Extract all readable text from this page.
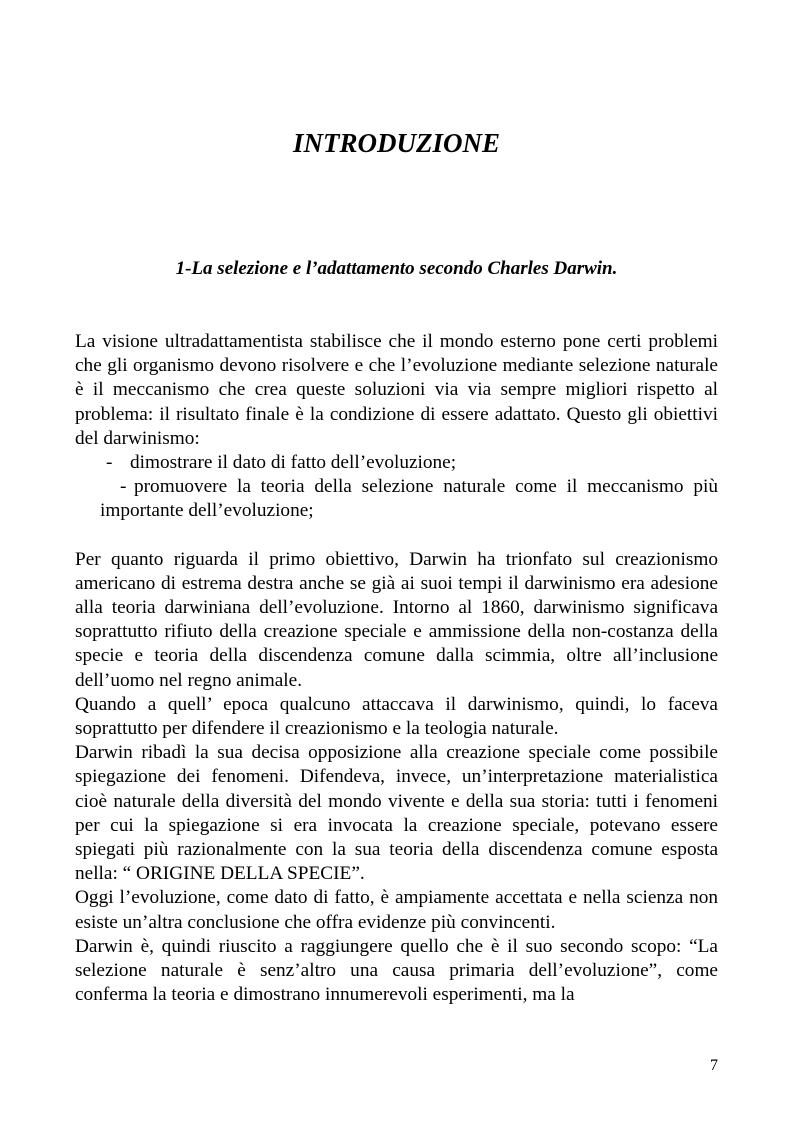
INTRODUZIONE
1-La selezione e l’adattamento secondo Charles Darwin.

La visione ultradattamentista stabilisce che il mondo esterno pone certi problemi che gli organismo devono risolvere e che l’evoluzione mediante selezione naturale è il meccanismo che crea queste soluzioni via via sempre migliori rispetto al problema: il risultato finale è la condizione di essere adattato. Questo gli obiettivi del darwinismo:

- dimostrare il dato di fatto dell’evoluzione;
- promuovere la teoria della selezione naturale come il meccanismo più importante dell’evoluzione;

Per quanto riguarda il primo obiettivo, Darwin ha trionfato sul creazionismo americano di estrema destra anche se già ai suoi tempi il darwinismo era adesione alla teoria darwiniana dell’evoluzione. Intorno al 1860, darwinismo significava soprattutto rifiuto della creazione speciale e ammissione della non-costanza della specie e teoria della discendenza comune dalla scimmia, oltre all’inclusione dell’uomo nel regno animale.

Quando a quell’ epoca qualcuno attaccava il darwinismo, quindi, lo faceva soprattutto per difendere il creazionismo e la teologia naturale.

Darwin ribadì la sua decisa opposizione alla creazione speciale come possibile spiegazione dei fenomeni. Difendeva, invece, un’interpretazione materialistica cioè naturale della diversità del mondo vivente e della sua storia: tutti i fenomeni per cui la spiegazione si era invocata la creazione speciale, potevano essere spiegati più razionalmente con la sua teoria della discendenza comune esposta nella: “ ORIGINE DELLA SPECIE”.

Oggi l’evoluzione, come dato di fatto, è ampiamente accettata e nella scienza non esiste un’altra conclusione che offra evidenze più convincenti.

Darwin è, quindi riuscito a raggiungere quello che è il suo secondo scopo: “La selezione naturale è senz’altro una causa primaria dell’evoluzione”, come conferma la teoria e dimostrano innumerevoli esperimenti, ma la

7
